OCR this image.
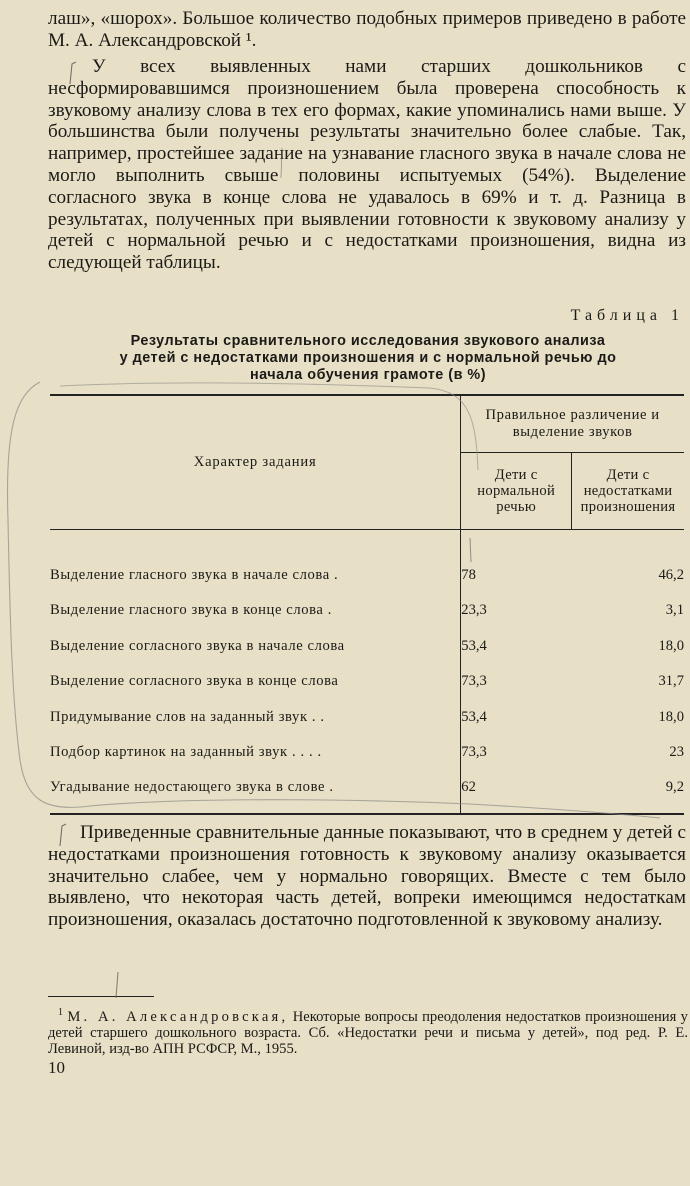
лаш», «шорох». Большое количество подобных примеров приведено в работе М. А. Александровской ¹.

У всех выявленных нами старших дошкольников с несформировавшимся произношением была проверена способность к звуковому анализу слова в тех его формах, какие упоминались нами выше. У большинства были получены результаты значительно более слабые. Так, например, простейшее задание на узнавание гласного звука в начале слова не могло выполнить свыше половины испытуемых (54%). Выделение согласного звука в конце слова не удавалось в 69% и т. д. Разница в результатах, полученных при выявлении готовности к звуковому анализу у детей с нормальной речью и с недостатками произношения, видна из следующей таблицы.

Таблица 1
Результаты сравнительного исследования звукового анализа
у детей с недостатками произношения и с нормальной речью до
начала обучения грамоте (в %)
Характер задания	Правильное различение и выделение звуков	
	Дети с нормальной речью	Дети с недостатками произношения
Выделение гласного звука в начале слова .	78	46,2
Выделение гласного звука в конце слова .	23,3	3,1
Выделение согласного звука в начале слова	53,4	18,0
Выделение согласного звука в конце слова	73,3	31,7
Придумывание слов на заданный звук . .	53,4	18,0
Подбор картинок на заданный звук . . . .	73,3	23
Угадывание недостающего звука в слове .	62	9,2

Приведенные сравнительные данные показывают, что в среднем у детей с недостатками произношения готовность к звуковому анализу оказывается значительно слабее, чем у нормально говорящих. Вместе с тем было выявлено, что некоторая часть детей, вопреки имеющимся недостаткам произношения, оказалась достаточно подготовленной к звуковому анализу.

$^1$ М. А. Александровская, Некоторые вопросы преодоления недостатков произношения у детей старшего дошкольного возраста. Сб. «Недостатки речи и письма у детей», под ред. Р. Е. Левиной, изд-во АПН РСФСР, М., 1955.

10
